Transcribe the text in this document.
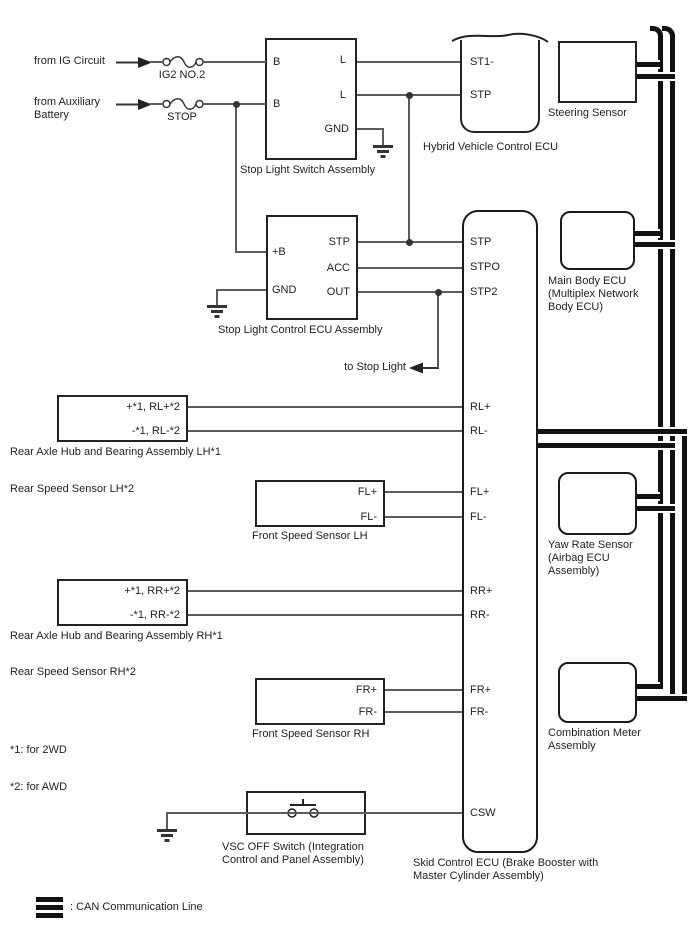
from IG Circuit
IG2 NO.2
from Auxiliary Battery	STOP
B
B
L
L
GND
Stop Light Switch Assembly
ST1-
STP
Hybrid Vehicle Control ECU
+B
GND
STP
ACC
OUT
Stop Light Control ECU Assembly
to Stop Light
STP
STPO
STP2
RL+
RL-
FL+
FL-
RR+
RR-
FR+
FR-
CSW
Skid Control ECU (Brake Booster with Master Cylinder Assembly)
+*1, RL+*2
-*1, RL-*2
Rear Axle Hub and Bearing Assembly LH*1
Rear Speed Sensor LH*2	FL+
FL-
Front Speed Sensor LH
+*1, RR+*2
-*1, RR-*2
Rear Axle Hub and Bearing Assembly RH*1
Rear Speed Sensor RH*2
FR+
FR-
Front Speed Sensor RH
*1: for 2WD
*2: for AWD
VSC OFF Switch (Integration Control and Panel Assembly)
Steering Sensor
Main Body ECU (Multiplex Network Body ECU)
Yaw Rate Sensor (Airbag ECU Assembly)
Combination Meter Assembly
: CAN Communication Line
